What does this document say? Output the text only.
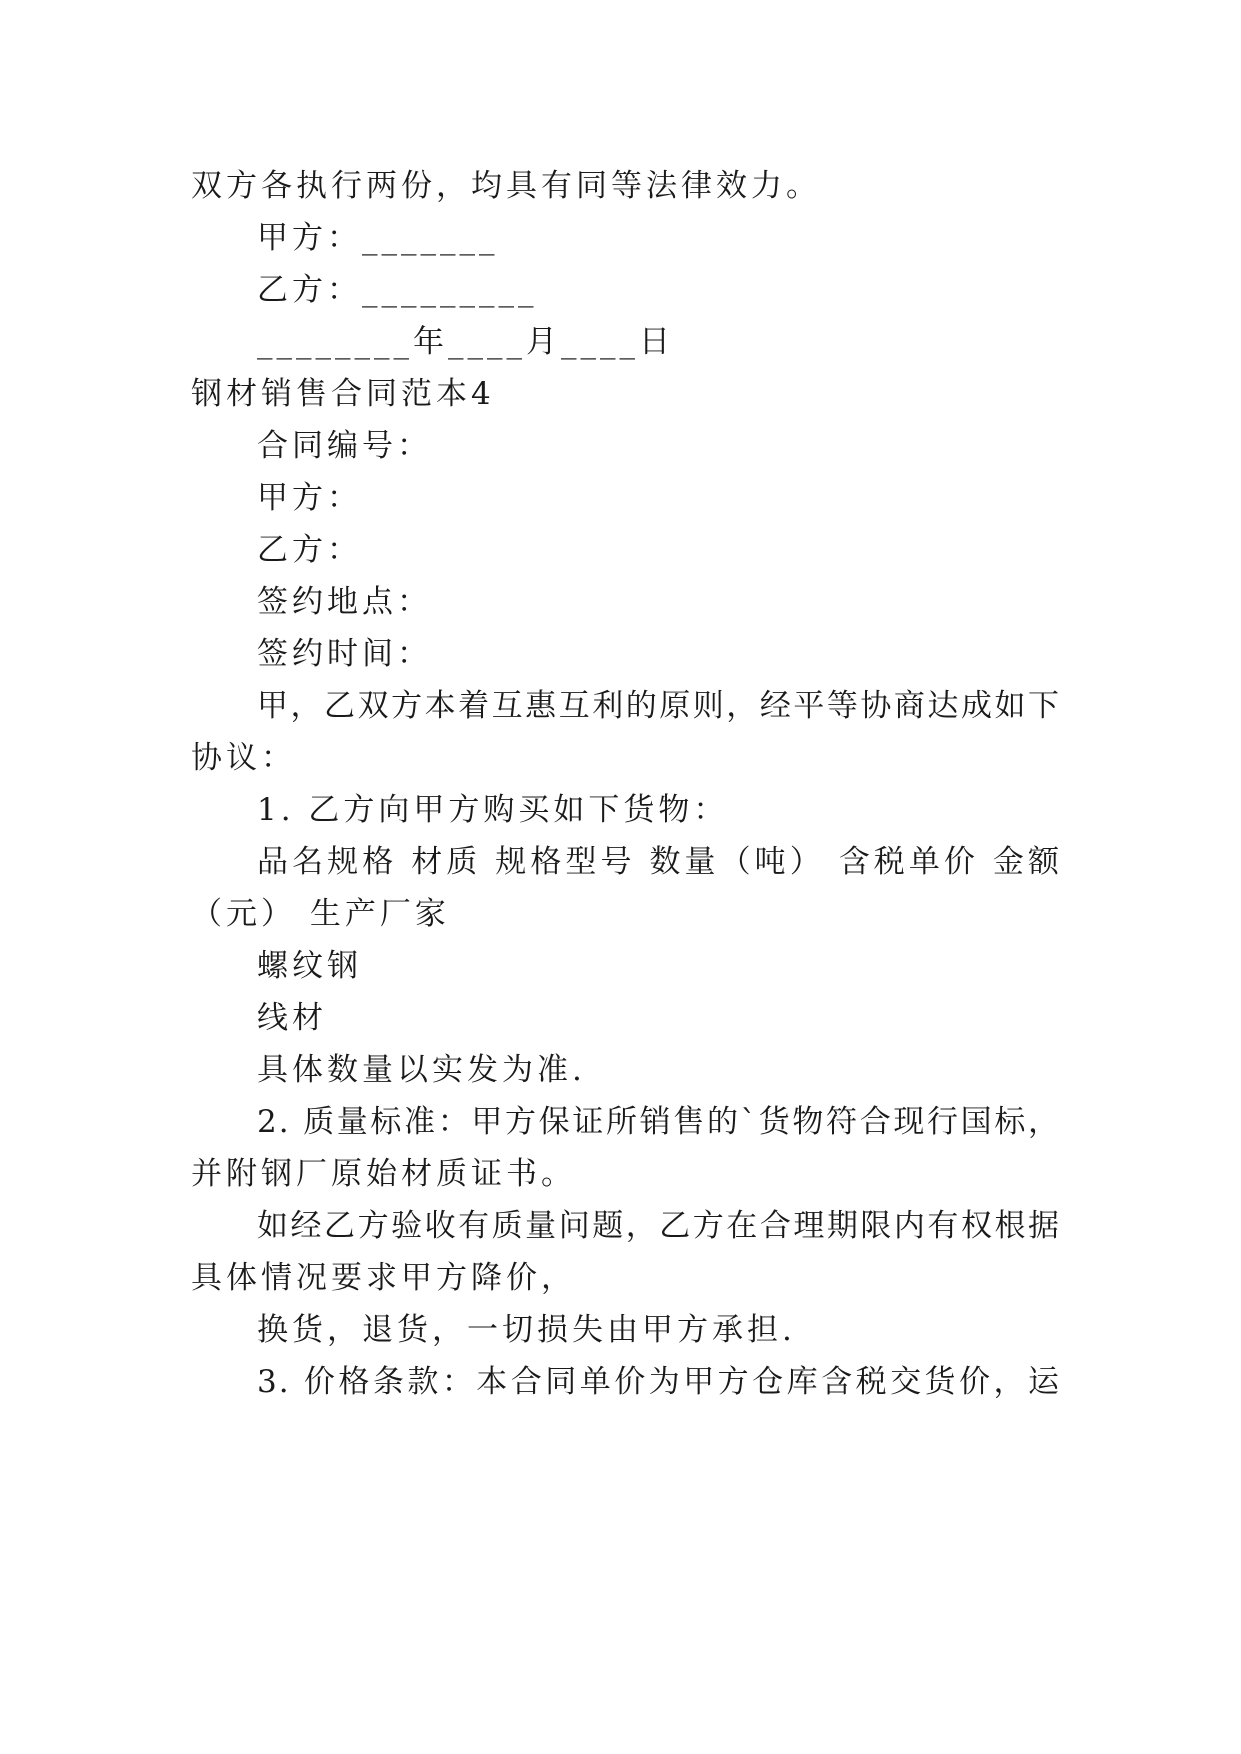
双方各执行两份，均具有同等法律效力。
甲方：_______
乙方：_________
________年____月____日
钢材销售合同范本4
合同编号：
甲方：
乙方：
签约地点：
签约时间：
甲，乙双方本着互惠互利的原则，经平等协商达成如下
协议：
1. 乙方向甲方购买如下货物：
品名规格 材质 规格型号 数量（吨） 含税单价 金额
（元） 生产厂家
螺纹钢
线材
具体数量以实发为准.
2. 质量标准：甲方保证所销售的`货物符合现行国标，
并附钢厂原始材质证书。
如经乙方验收有质量问题，乙方在合理期限内有权根据
具体情况要求甲方降价，
换货，退货，一切损失由甲方承担.
3. 价格条款：本合同单价为甲方仓库含税交货价，运
